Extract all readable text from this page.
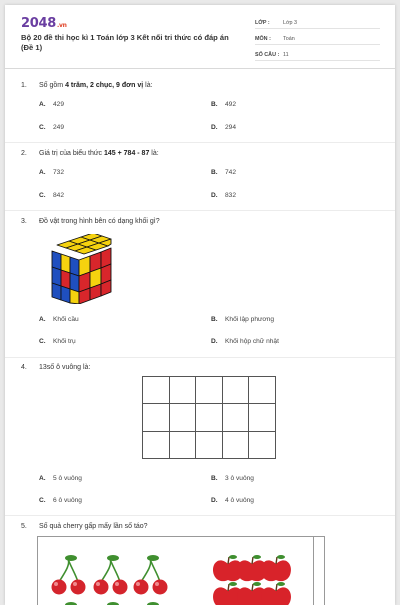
2048.vn
Bộ 20 đề thi học kì 1 Toán lớp 3 Kết nối tri thức có đáp án (Đề 1)
LỚP : Lớp 3
MÔN : Toán
SỐ CÂU : 11
1. Số gồm 4 trăm, 2 chục, 9 đơn vị là:
A. 429	B. 492
C. 249	D. 294
2. Giá trị của biểu thức 145 + 784 - 87 là:
A. 732	B. 742
C. 842	D. 832
3. Đồ vật trong hình bên có dạng khối gì?
A. Khối cầu	B. Khối lập phương
C. Khối trụ	D. Khối hộp chữ nhật
4. 13số ô vuông là:

A. 5 ô vuông	B. 3 ô vuông
C. 6 ô vuông	D. 4 ô vuông
5. Số quả cherry gấp mấy lần số táo?
